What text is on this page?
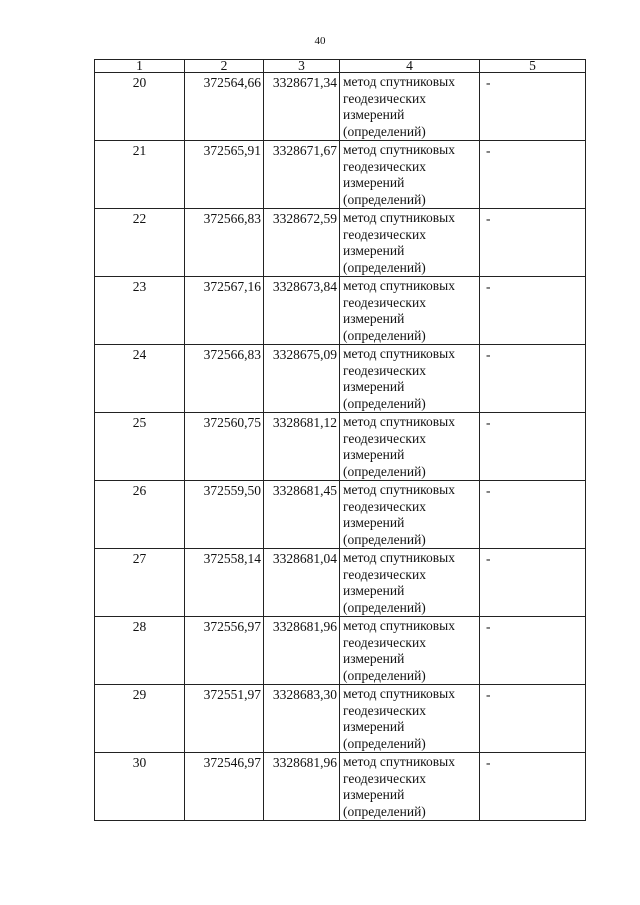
40
1	2	3	4	5
20	372564,66	3328671,34	метод спутниковых
геодезических
измерений
(определений)	-
21	372565,91	3328671,67	метод спутниковых
геодезических
измерений
(определений)	-
22	372566,83	3328672,59	метод спутниковых
геодезических
измерений
(определений)	-
23	372567,16	3328673,84	метод спутниковых
геодезических
измерений
(определений)	-
24	372566,83	3328675,09	метод спутниковых
геодезических
измерений
(определений)	-
25	372560,75	3328681,12	метод спутниковых
геодезических
измерений
(определений)	-
26	372559,50	3328681,45	метод спутниковых
геодезических
измерений
(определений)	-
27	372558,14	3328681,04	метод спутниковых
геодезических
измерений
(определений)	-
28	372556,97	3328681,96	метод спутниковых
геодезических
измерений
(определений)	-
29	372551,97	3328683,30	метод спутниковых
геодезических
измерений
(определений)	-
30	372546,97	3328681,96	метод спутниковых
геодезических
измерений
(определений)	-
